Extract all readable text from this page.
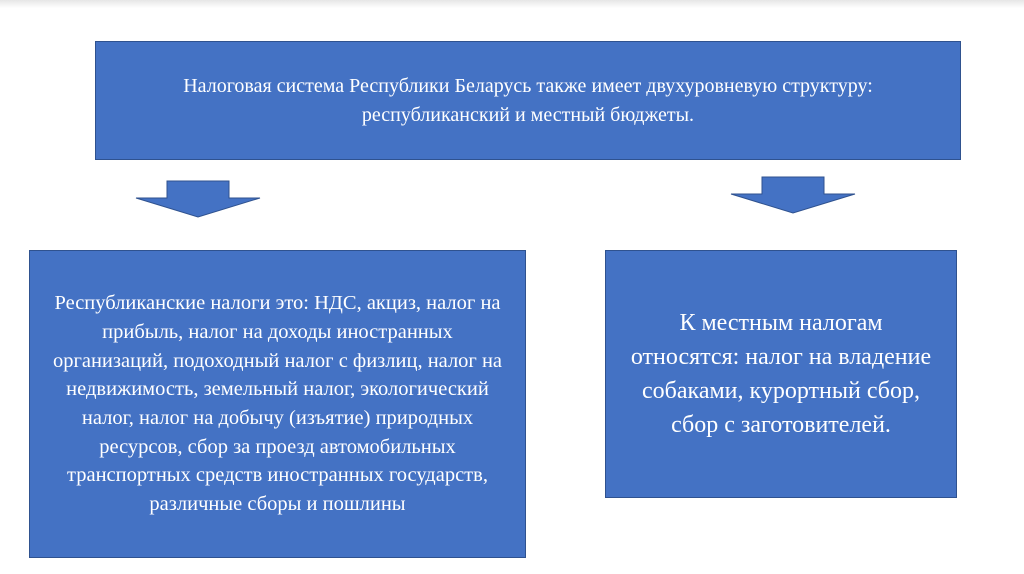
Налоговая система Республики Беларусь также имеет двухуровневую структуру: республиканский и местный бюджеты.
Республиканские налоги это: НДС, акциз, налог на прибыль, налог на доходы иностранных организаций, подоходный налог с физлиц, налог на недвижимость, земельный налог, экологический налог, налог на добычу (изъятие) природных ресурсов, сбор за проезд автомобильных транспортных средств иностранных государств, различные сборы и пошлины
К местным налогам относятся: налог на владение собаками, курортный сбор, сбор с заготовителей.
